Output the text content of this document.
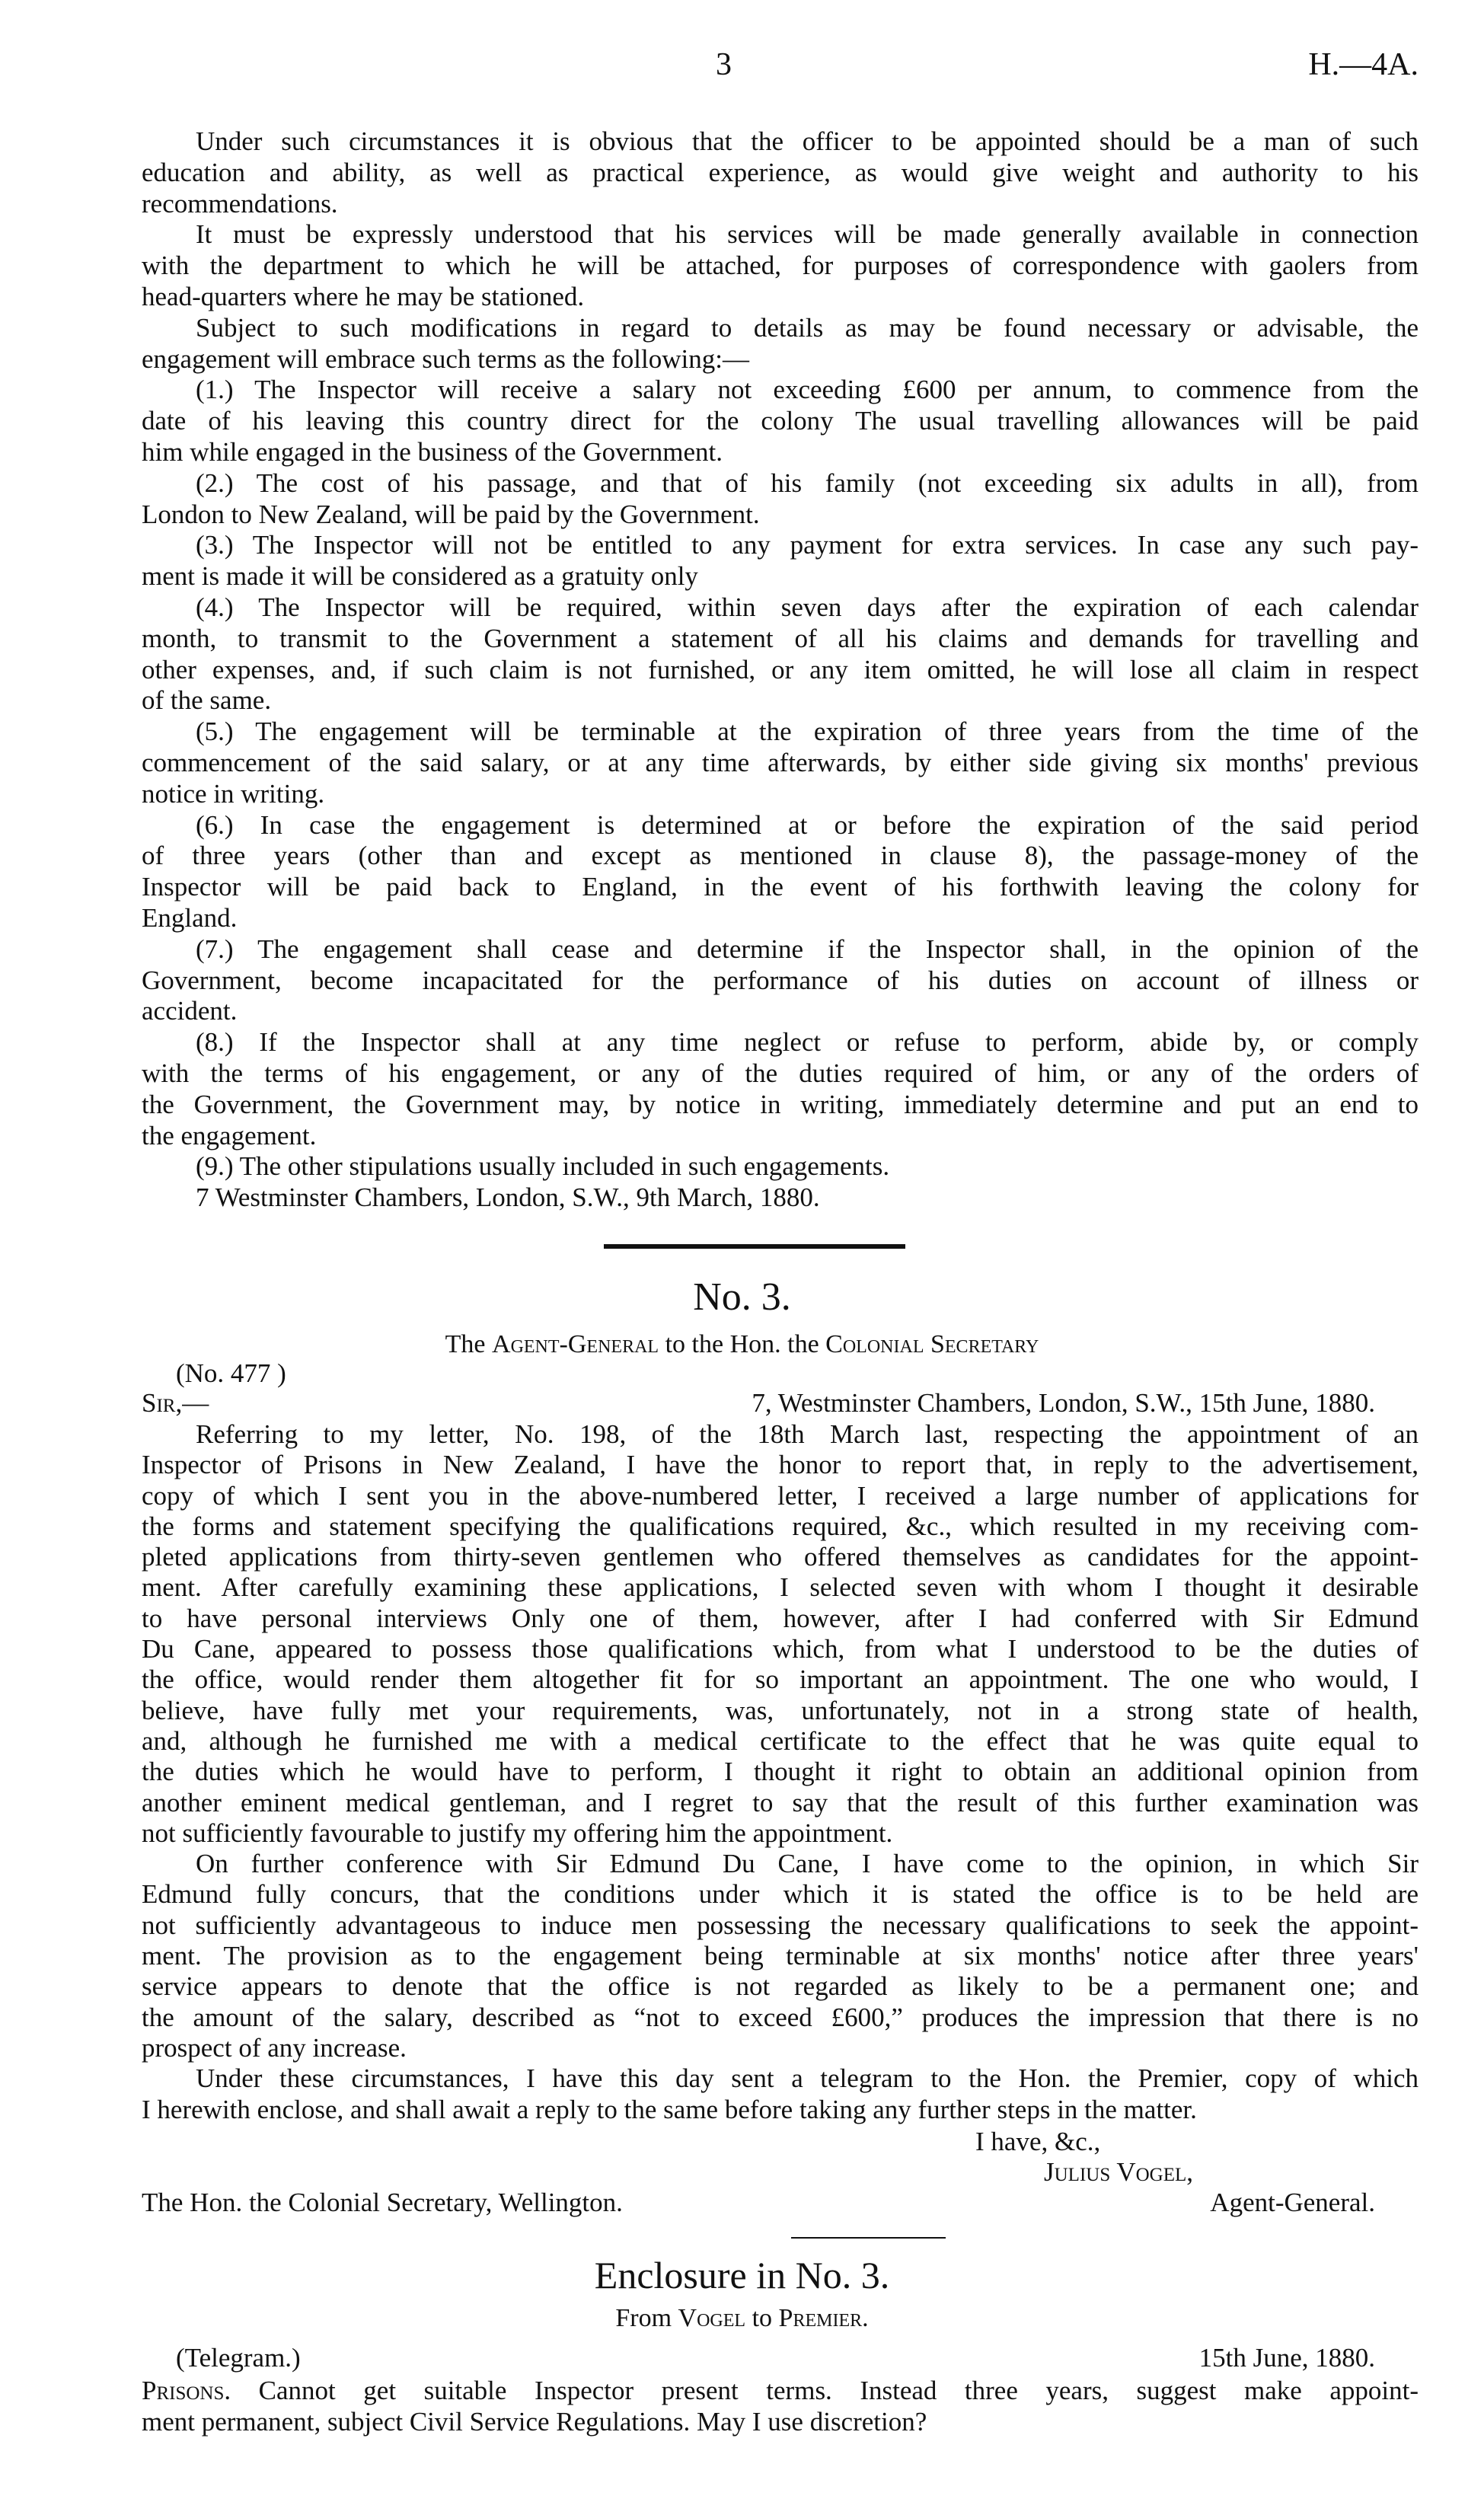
3	H.—4A.
Under such circumstances it is obvious that the officer to be appointed should be a man of such
education and ability, as well as practical experience, as would give weight and authority to his
recommendations.
It must be expressly understood that his services will be made generally available in connection
with the department to which he will be attached, for purposes of correspondence with gaolers from
head-quarters where he may be stationed.
Subject to such modifications in regard to details as may be found necessary or advisable, the
engagement will embrace such terms as the following:—
(1.) The Inspector will receive a salary not exceeding £600 per annum, to commence from the
date of his leaving this country direct for the colony The usual travelling allowances will be paid
him while engaged in the business of the Government.
(2.) The cost of his passage, and that of his family (not exceeding six adults in all), from
London to New Zealand, will be paid by the Government.
(3.) The Inspector will not be entitled to any payment for extra services. In case any such pay-
ment is made it will be considered as a gratuity only
(4.) The Inspector will be required, within seven days after the expiration of each calendar
month, to transmit to the Government a statement of all his claims and demands for travelling and
other expenses, and, if such claim is not furnished, or any item omitted, he will lose all claim in respect
of the same.
(5.) The engagement will be terminable at the expiration of three years from the time of the
commencement of the said salary, or at any time afterwards, by either side giving six months' previous
notice in writing.
(6.) In case the engagement is determined at or before the expiration of the said period
of three years (other than and except as mentioned in clause 8), the passage-money of the
Inspector will be paid back to England, in the event of his forthwith leaving the colony for
England.
(7.) The engagement shall cease and determine if the Inspector shall, in the opinion of the
Government, become incapacitated for the performance of his duties on account of illness or
accident.
(8.) If the Inspector shall at any time neglect or refuse to perform, abide by, or comply
with the terms of his engagement, or any of the duties required of him, or any of the orders of
the Government, the Government may, by notice in writing, immediately determine and put an end to
the engagement.
(9.) The other stipulations usually included in such engagements.
7 Westminster Chambers, London, S.W., 9th March, 1880.
No. 3.
The Agent-General to the Hon. the Colonial Secretary
(No. 477 )
Sir,—	7, Westminster Chambers, London, S.W., 15th June, 1880.
Referring to my letter, No. 198, of the 18th March last, respecting the appointment of an
Inspector of Prisons in New Zealand, I have the honor to report that, in reply to the advertisement,
copy of which I sent you in the above-numbered letter, I received a large number of applications for
the forms and statement specifying the qualifications required, &c., which resulted in my receiving com-
pleted applications from thirty-seven gentlemen who offered themselves as candidates for the appoint-
ment. After carefully examining these applications, I selected seven with whom I thought it desirable
to have personal interviews Only one of them, however, after I had conferred with Sir Edmund
Du Cane, appeared to possess those qualifications which, from what I understood to be the duties of
the office, would render them altogether fit for so important an appointment. The one who would, I
believe, have fully met your requirements, was, unfortunately, not in a strong state of health,
and, although he furnished me with a medical certificate to the effect that he was quite equal to
the duties which he would have to perform, I thought it right to obtain an additional opinion from
another eminent medical gentleman, and I regret to say that the result of this further examination was
not sufficiently favourable to justify my offering him the appointment.
On further conference with Sir Edmund Du Cane, I have come to the opinion, in which Sir
Edmund fully concurs, that the conditions under which it is stated the office is to be held are
not sufficiently advantageous to induce men possessing the necessary qualifications to seek the appoint-
ment. The provision as to the engagement being terminable at six months' notice after three years'
service appears to denote that the office is not regarded as likely to be a permanent one; and
the amount of the salary, described as “not to exceed £600,” produces the impression that there is no
prospect of any increase.
Under these circumstances, I have this day sent a telegram to the Hon. the Premier, copy of which
I herewith enclose, and shall await a reply to the same before taking any further steps in the matter.
I have, &c.,
Julius Vogel,
The Hon. the Colonial Secretary, Wellington.	Agent-General.
Enclosure in No. 3.
From Vogel to Premier.
(Telegram.)	15th June, 1880.
Prisons. Cannot get suitable Inspector present terms. Instead three years, suggest make appoint-
ment permanent, subject Civil Service Regulations. May I use discretion?
